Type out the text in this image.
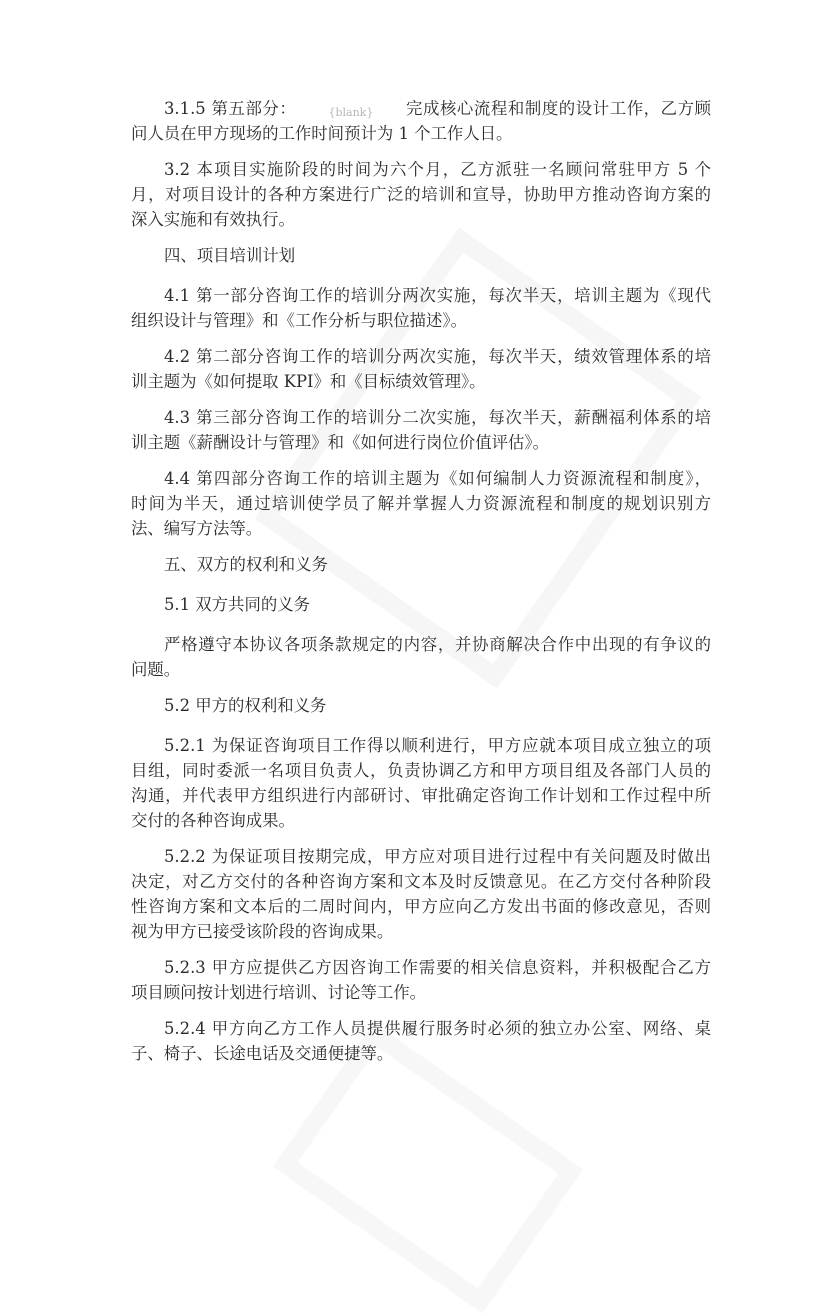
3.1.5 第五部分：	{blank} 完成核心流程和制度的设计工作，乙方顾
问人员在甲方现场的工作时间预计为 1 个工作人日。
3.2 本项目实施阶段的时间为六个月，乙方派驻一名顾问常驻甲方 5 个
月，对项目设计的各种方案进行广泛的培训和宣导，协助甲方推动咨询方案的
深入实施和有效执行。
四、项目培训计划
4.1 第一部分咨询工作的培训分两次实施，每次半天，培训主题为《现代
组织设计与管理》和《工作分析与职位描述》。
4.2 第二部分咨询工作的培训分两次实施，每次半天，绩效管理体系的培
训主题为《如何提取 KPI》和《目标绩效管理》。
4.3 第三部分咨询工作的培训分二次实施，每次半天，薪酬福利体系的培
训主题《薪酬设计与管理》和《如何进行岗位价值评估》。
4.4 第四部分咨询工作的培训主题为《如何编制人力资源流程和制度》，
时间为半天，通过培训使学员了解并掌握人力资源流程和制度的规划识别方
法、编写方法等。
五、双方的权利和义务
5.1 双方共同的义务
严格遵守本协议各项条款规定的内容，并协商解决合作中出现的有争议的
问题。
5.2 甲方的权利和义务
5.2.1 为保证咨询项目工作得以顺利进行，甲方应就本项目成立独立的项
目组，同时委派一名项目负责人，负责协调乙方和甲方项目组及各部门人员的
沟通，并代表甲方组织进行内部研讨、审批确定咨询工作计划和工作过程中所
交付的各种咨询成果。
5.2.2 为保证项目按期完成，甲方应对项目进行过程中有关问题及时做出
决定，对乙方交付的各种咨询方案和文本及时反馈意见。在乙方交付各种阶段
性咨询方案和文本后的二周时间内，甲方应向乙方发出书面的修改意见，否则
视为甲方已接受该阶段的咨询成果。
5.2.3 甲方应提供乙方因咨询工作需要的相关信息资料，并积极配合乙方
项目顾问按计划进行培训、讨论等工作。
5.2.4 甲方向乙方工作人员提供履行服务时必须的独立办公室、网络、桌
子、椅子、长途电话及交通便捷等。
